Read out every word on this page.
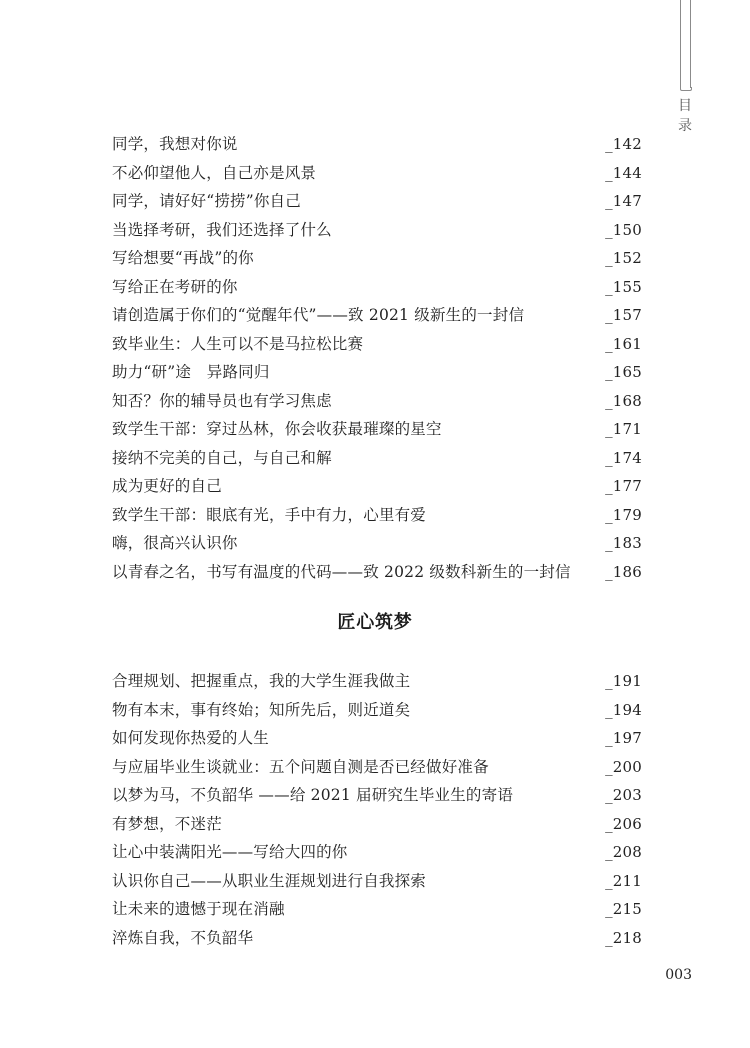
目
录
同学，我想对你说	_142
不必仰望他人，自己亦是风景	_144
同学，请好好“捞捞”你自己	_147
当选择考研，我们还选择了什么	_150
写给想要“再战”的你	_152
写给正在考研的你	_155
请创造属于你们的“觉醒年代”——致 2021 级新生的一封信	_157
致毕业生：人生可以不是马拉松比赛	_161
助力“研”途　异路同归	_165
知否？你的辅导员也有学习焦虑	_168
致学生干部：穿过丛林，你会收获最璀璨的星空	_171
接纳不完美的自己，与自己和解	_174
成为更好的自己	_177
致学生干部：眼底有光，手中有力，心里有爱	_179
嗨，很高兴认识你	_183
以青春之名，书写有温度的代码——致 2022 级数科新生的一封信 _186
匠心筑梦
合理规划、把握重点，我的大学生涯我做主	_191
物有本末，事有终始；知所先后，则近道矣	_194
如何发现你热爱的人生	_197
与应届毕业生谈就业：五个问题自测是否已经做好准备	_200
以梦为马，不负韶华 ——给 2021 届研究生毕业生的寄语	_203
有梦想，不迷茫	_206
让心中装满阳光——写给大四的你	_208
认识你自己——从职业生涯规划进行自我探索	_211
让未来的遗憾于现在消融	_215
淬炼自我，不负韶华	_218
003
